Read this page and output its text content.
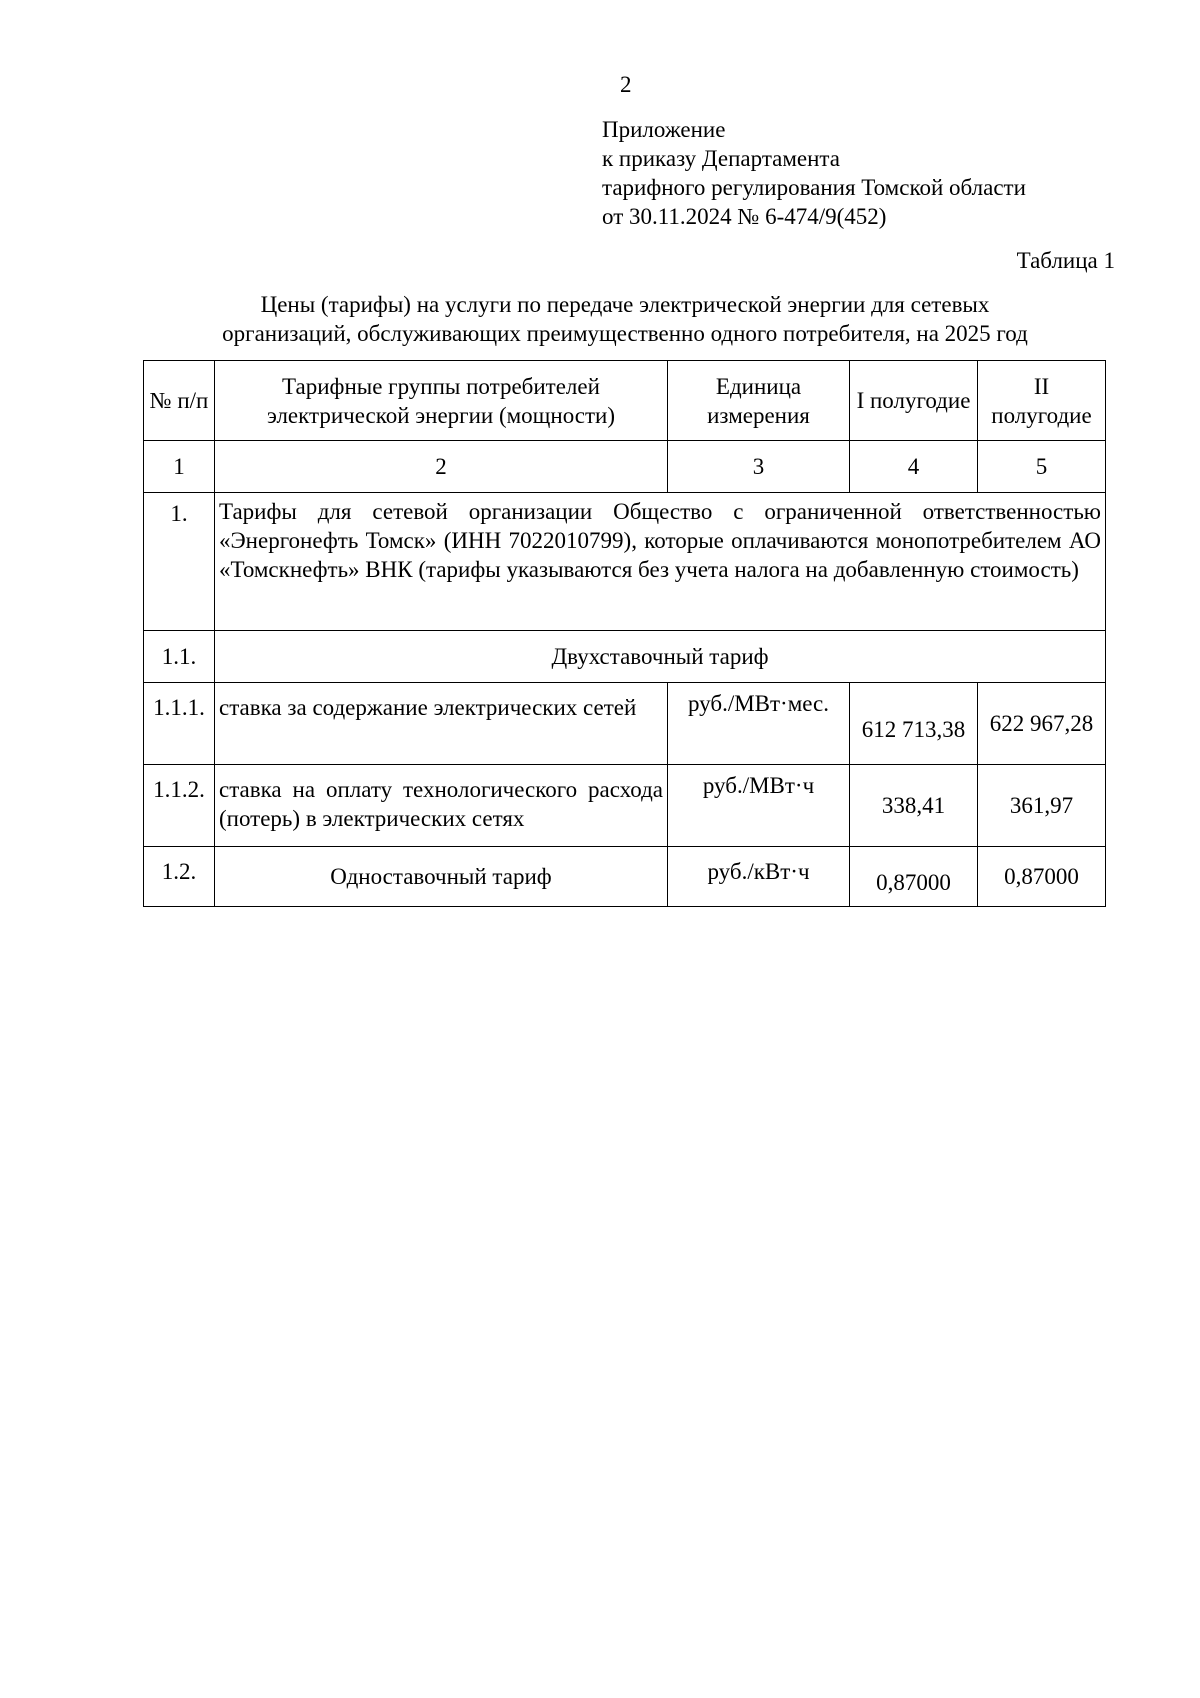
2
Приложение
к приказу Департамента
тарифного регулирования Томской области
от 30.11.2024 № 6-474/9(452)
Таблица 1
Цены (тарифы) на услуги по передаче электрической энергии для сетевых
организаций, обслуживающих преимущественно одного потребителя, на 2025 год
№ п/п	Тарифные группы потребителей электрической энергии (мощности)	Единица измерения	I полугодие	II полугодие
1	2	3	4	5
1.	Тарифы для сетевой организации Общество с ограниченной ответственностью «Энергонефть Томск» (ИНН 7022010799), которые оплачиваются монопотребителем АО «Томскнефть» ВНК (тарифы указываются без учета налога на добавленную стоимость)			
1.1.	Двухставочный тариф			
1.1.1.	ставка за содержание электрических сетей	руб./МВт·мес.	612 713,38	622 967,28
1.1.2.	ставка на оплату технологического расхода (потерь) в электрических сетях	руб./МВт·ч	338,41	361,97
1.2.	Одноставочный тариф	руб./кВт·ч	0,87000	0,87000
